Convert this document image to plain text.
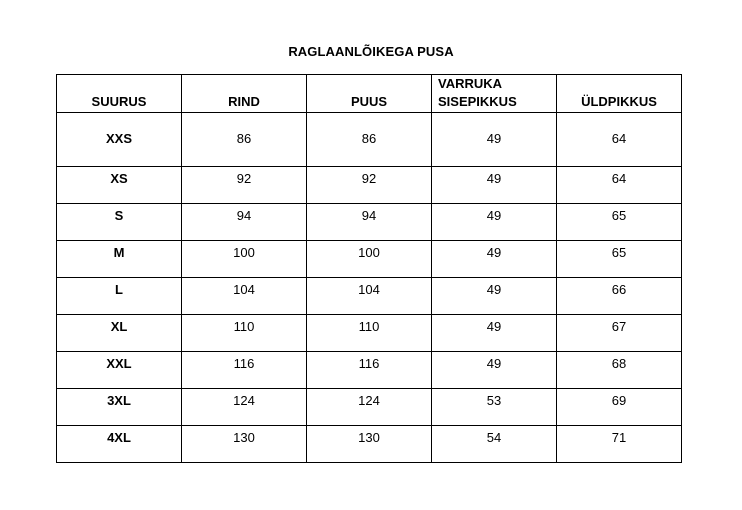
RAGLAANLÕIKEGA PUSA
SUURUS	RIND	PUUS	VARRUKA SISEPIKKUS	ÜLDPIKKUS
XXS	86	86	49	64
XS	92	92	49	64
S	94	94	49	65
M	100	100	49	65
L	104	104	49	66
XL	110	110	49	67
XXL	116	116	49	68
3XL	124	124	53	69
4XL	130	130	54	71
